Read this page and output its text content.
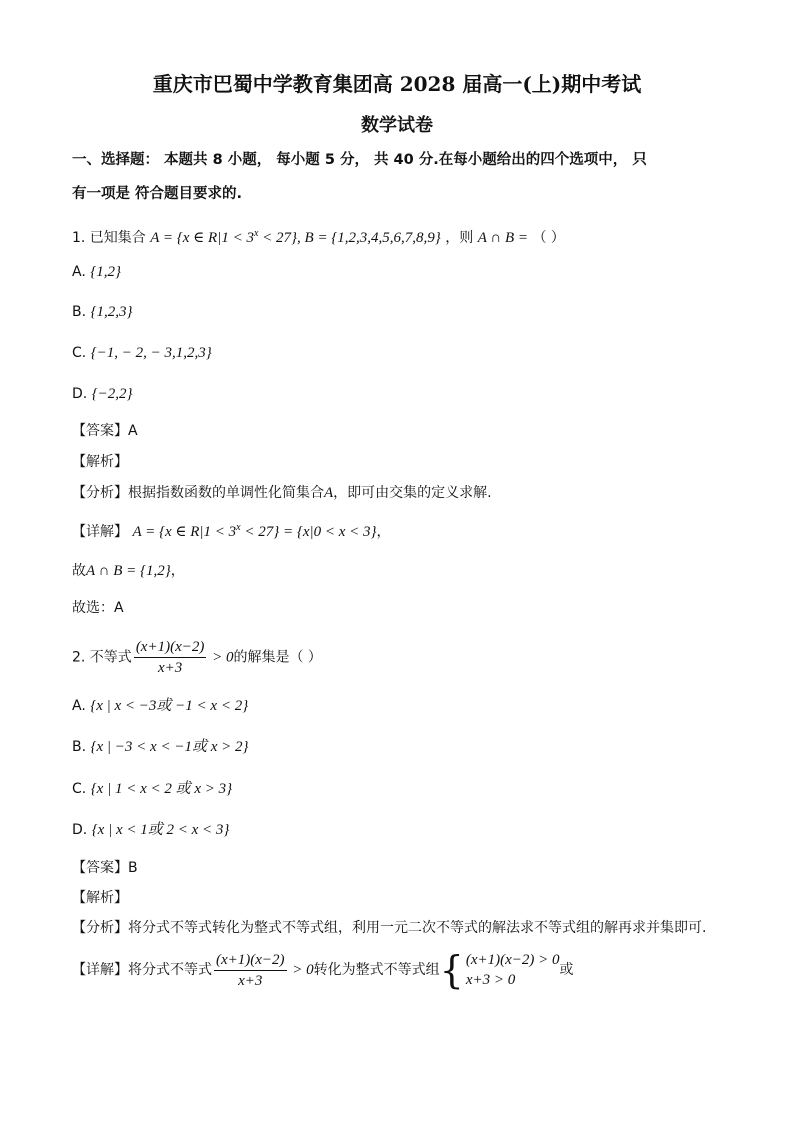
重庆市巴蜀中学教育集团高 2028 届高一(上)期中考试
数学试卷
一、选择题： 本题共 8 小题， 每小题 5 分， 共 40 分.在每小题给出的四个选项中， 只
有一项是 符合题目要求的.
1. 已知集合 A = {x ∈ $R|1 < 3^x < 27$}, B = {1,2,3,4,5,6,7,8,9} ，则 A ∩ B = （ ）
A. {1,2}
B. {1,2,3}
C. {−1, − 2, − 3,1,2,3}
D. {−2,2}
【答案】A
【解析】
【分析】根据指数函数的单调性化简集合A，即可由交集的定义求解.
【详解】 A = {x ∈ $R|1 < 3^x < 27\} = \{x|0 < x < 3\}$，
故A ∩ B = {1,2}，
故选：A
2. 不等式 $\frac{(x+1)(x-2)}{x+3} > 0$的解集是（ ）
A. {x | x < −3或 −1 < x < 2}
B. {x | −3 < x < −1或 x > 2}
C. {x | 1 < x < 2 或 x > 3}
D. {x | x < 1或 2 < x < 3}
【答案】B
【解析】
【分析】将分式不等式转化为整式不等式组，利用一元二次不等式的解法求不等式组的解再求并集即可.
【详解】将分式不等式 $\frac{(x+1)(x-2)}{x+3} > 0$转化为整式不等式组 { (x+1)(x−2) > 0
x+3 > 0
或
